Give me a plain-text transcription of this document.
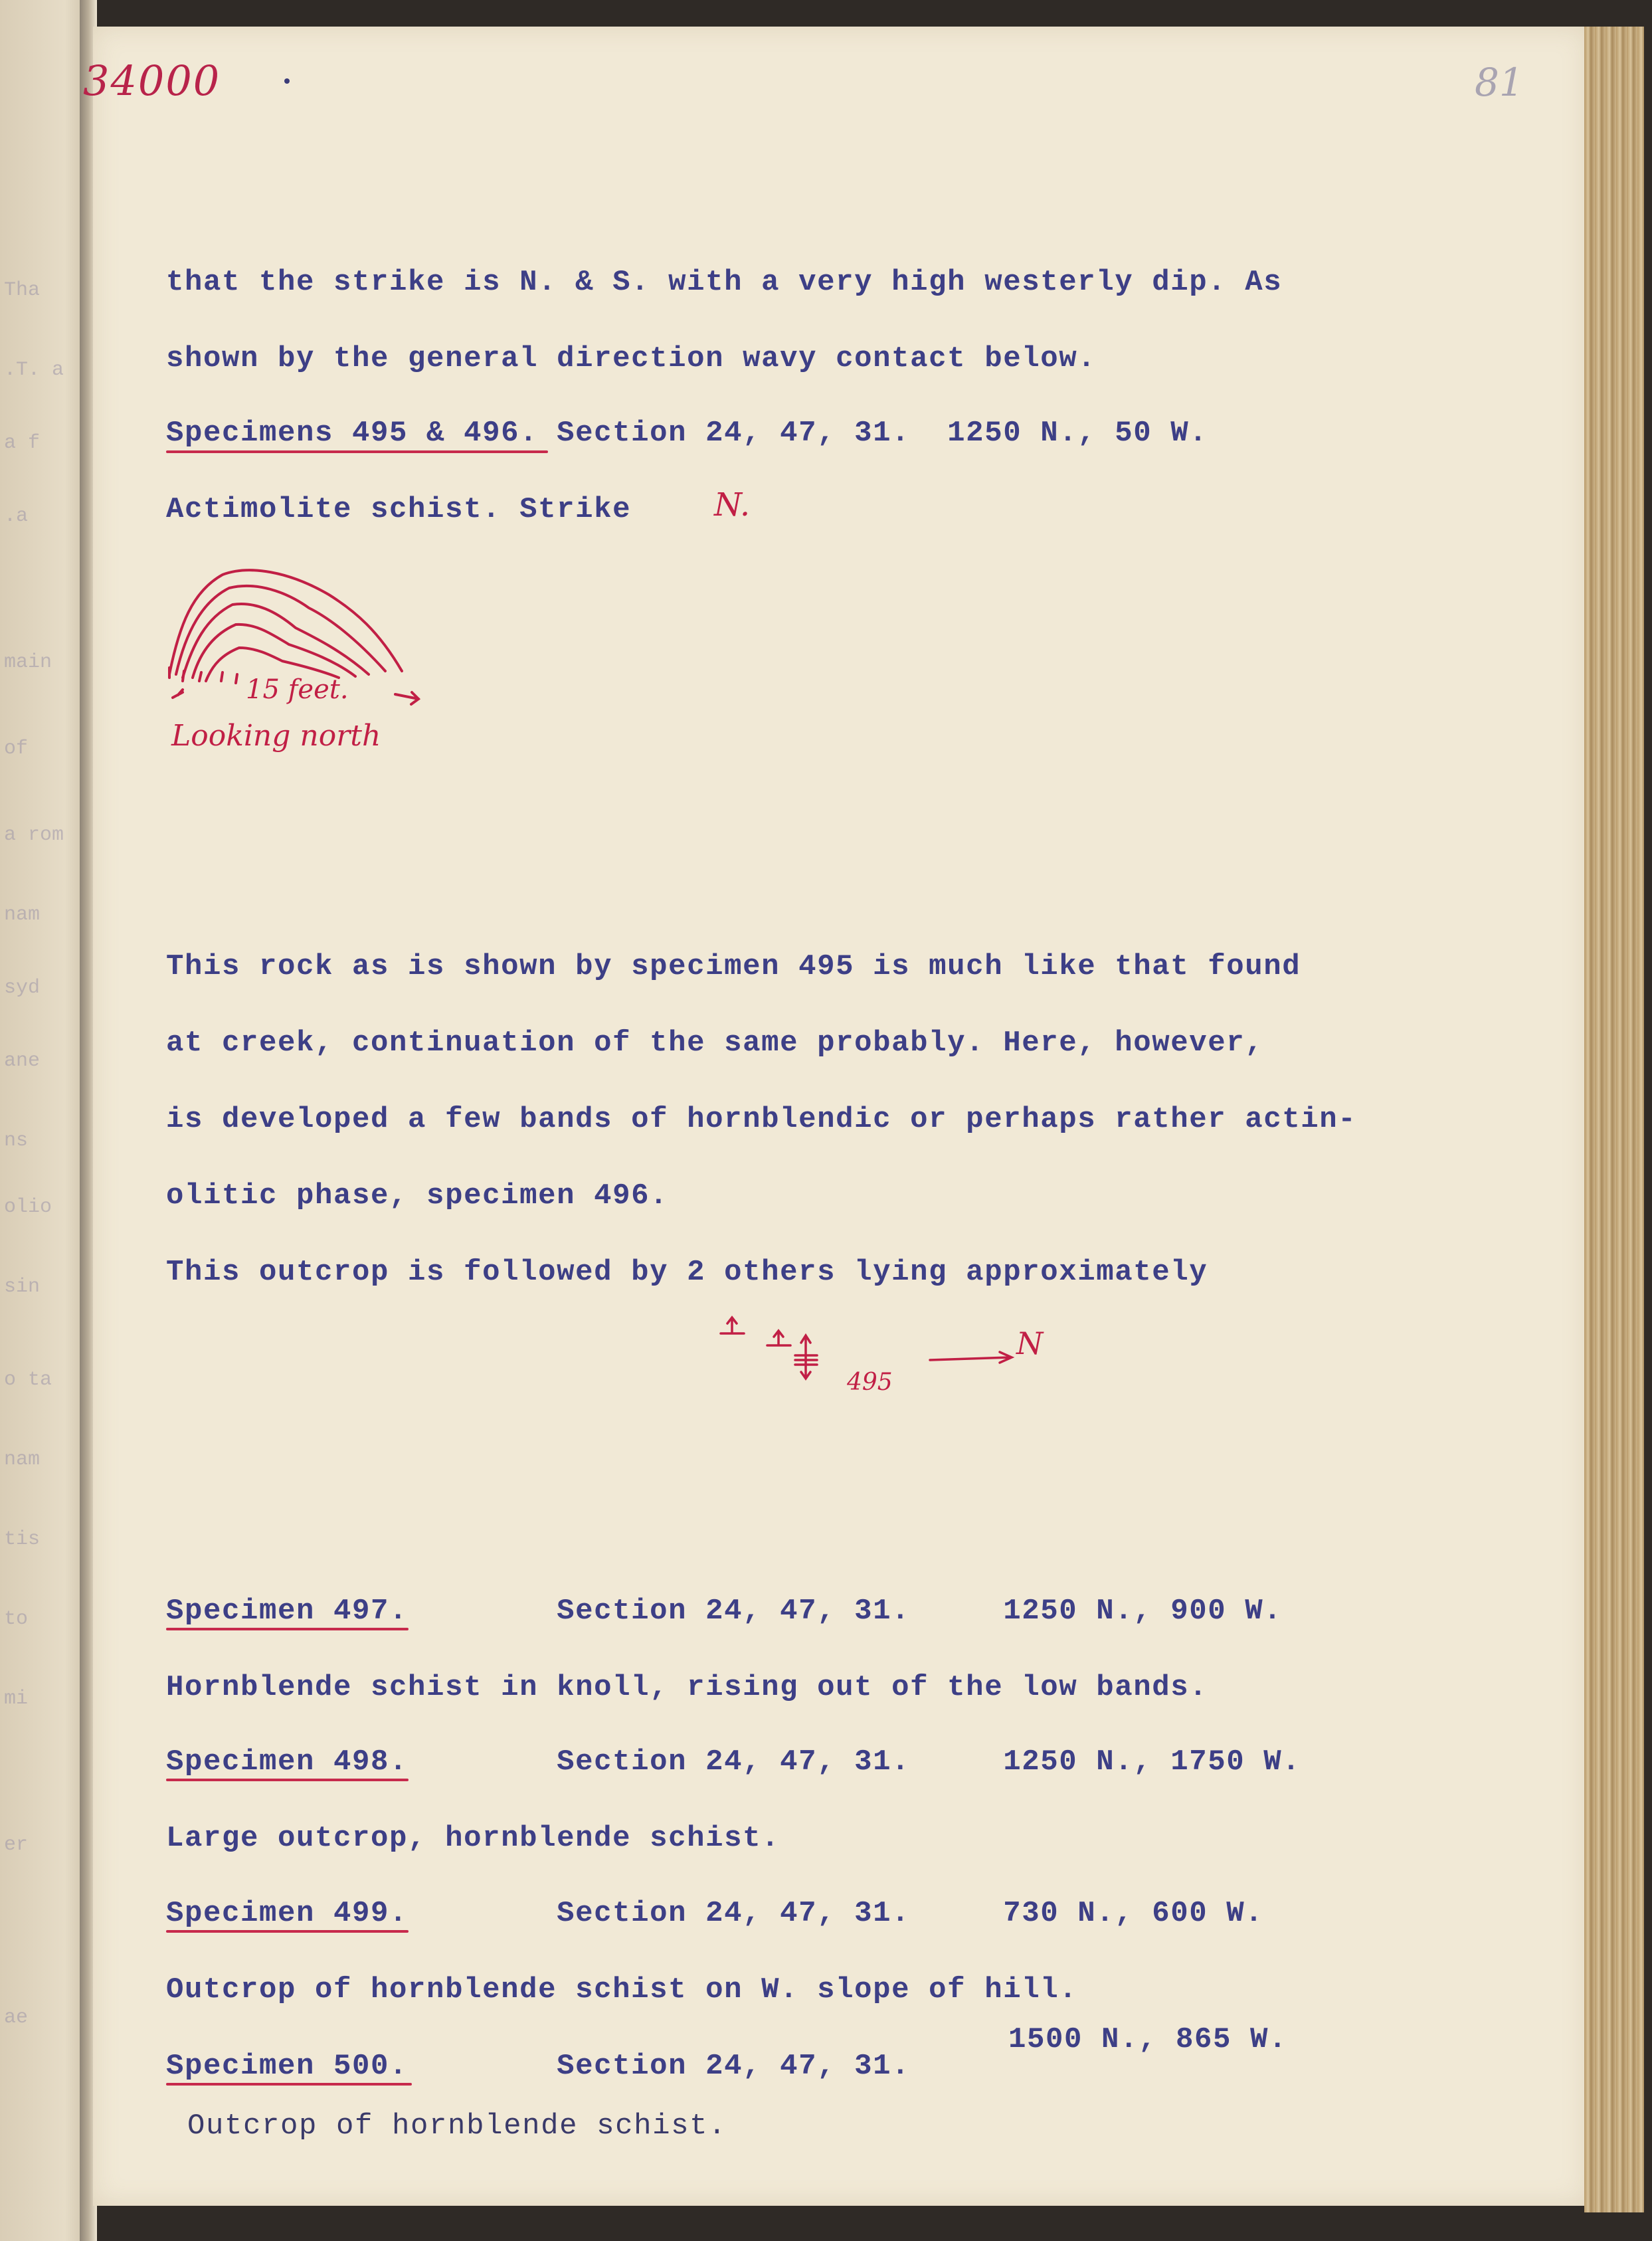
Tha
.T. a
a f
.a
main
of
a rom
nam
syd
ane
ns
olio
sin
o ta
nam
tis
to
mi
er
ae
34000	81
that the strike is N. & S. with a very high westerly dip. As
shown by the general direction wavy contact below.
Specimens 495 & 496. Section 24, 47, 31.  1250 N., 50 W.
Actimolite schist. Strike	N.
15 feet.
Looking north
This rock as is shown by specimen 495 is much like that found
at creek, continuation of the same probably. Here, however,
is developed a few bands of hornblendic or perhaps rather actin-
olitic phase, specimen 496.
This outcrop is followed by 2 others lying approximately
495
N
Specimen 497.        Section 24, 47, 31.     1250 N., 900 W.
Hornblende schist in knoll, rising out of the low bands.
Specimen 498.        Section 24, 47, 31.     1250 N., 1750 W.
Large outcrop, hornblende schist.
Specimen 499.        Section 24, 47, 31.     730 N., 600 W.
Outcrop of hornblende schist on W. slope of hill.
Specimen 500.        Section 24, 47, 31.
1500 N., 865 W.
Outcrop of hornblende schist.
